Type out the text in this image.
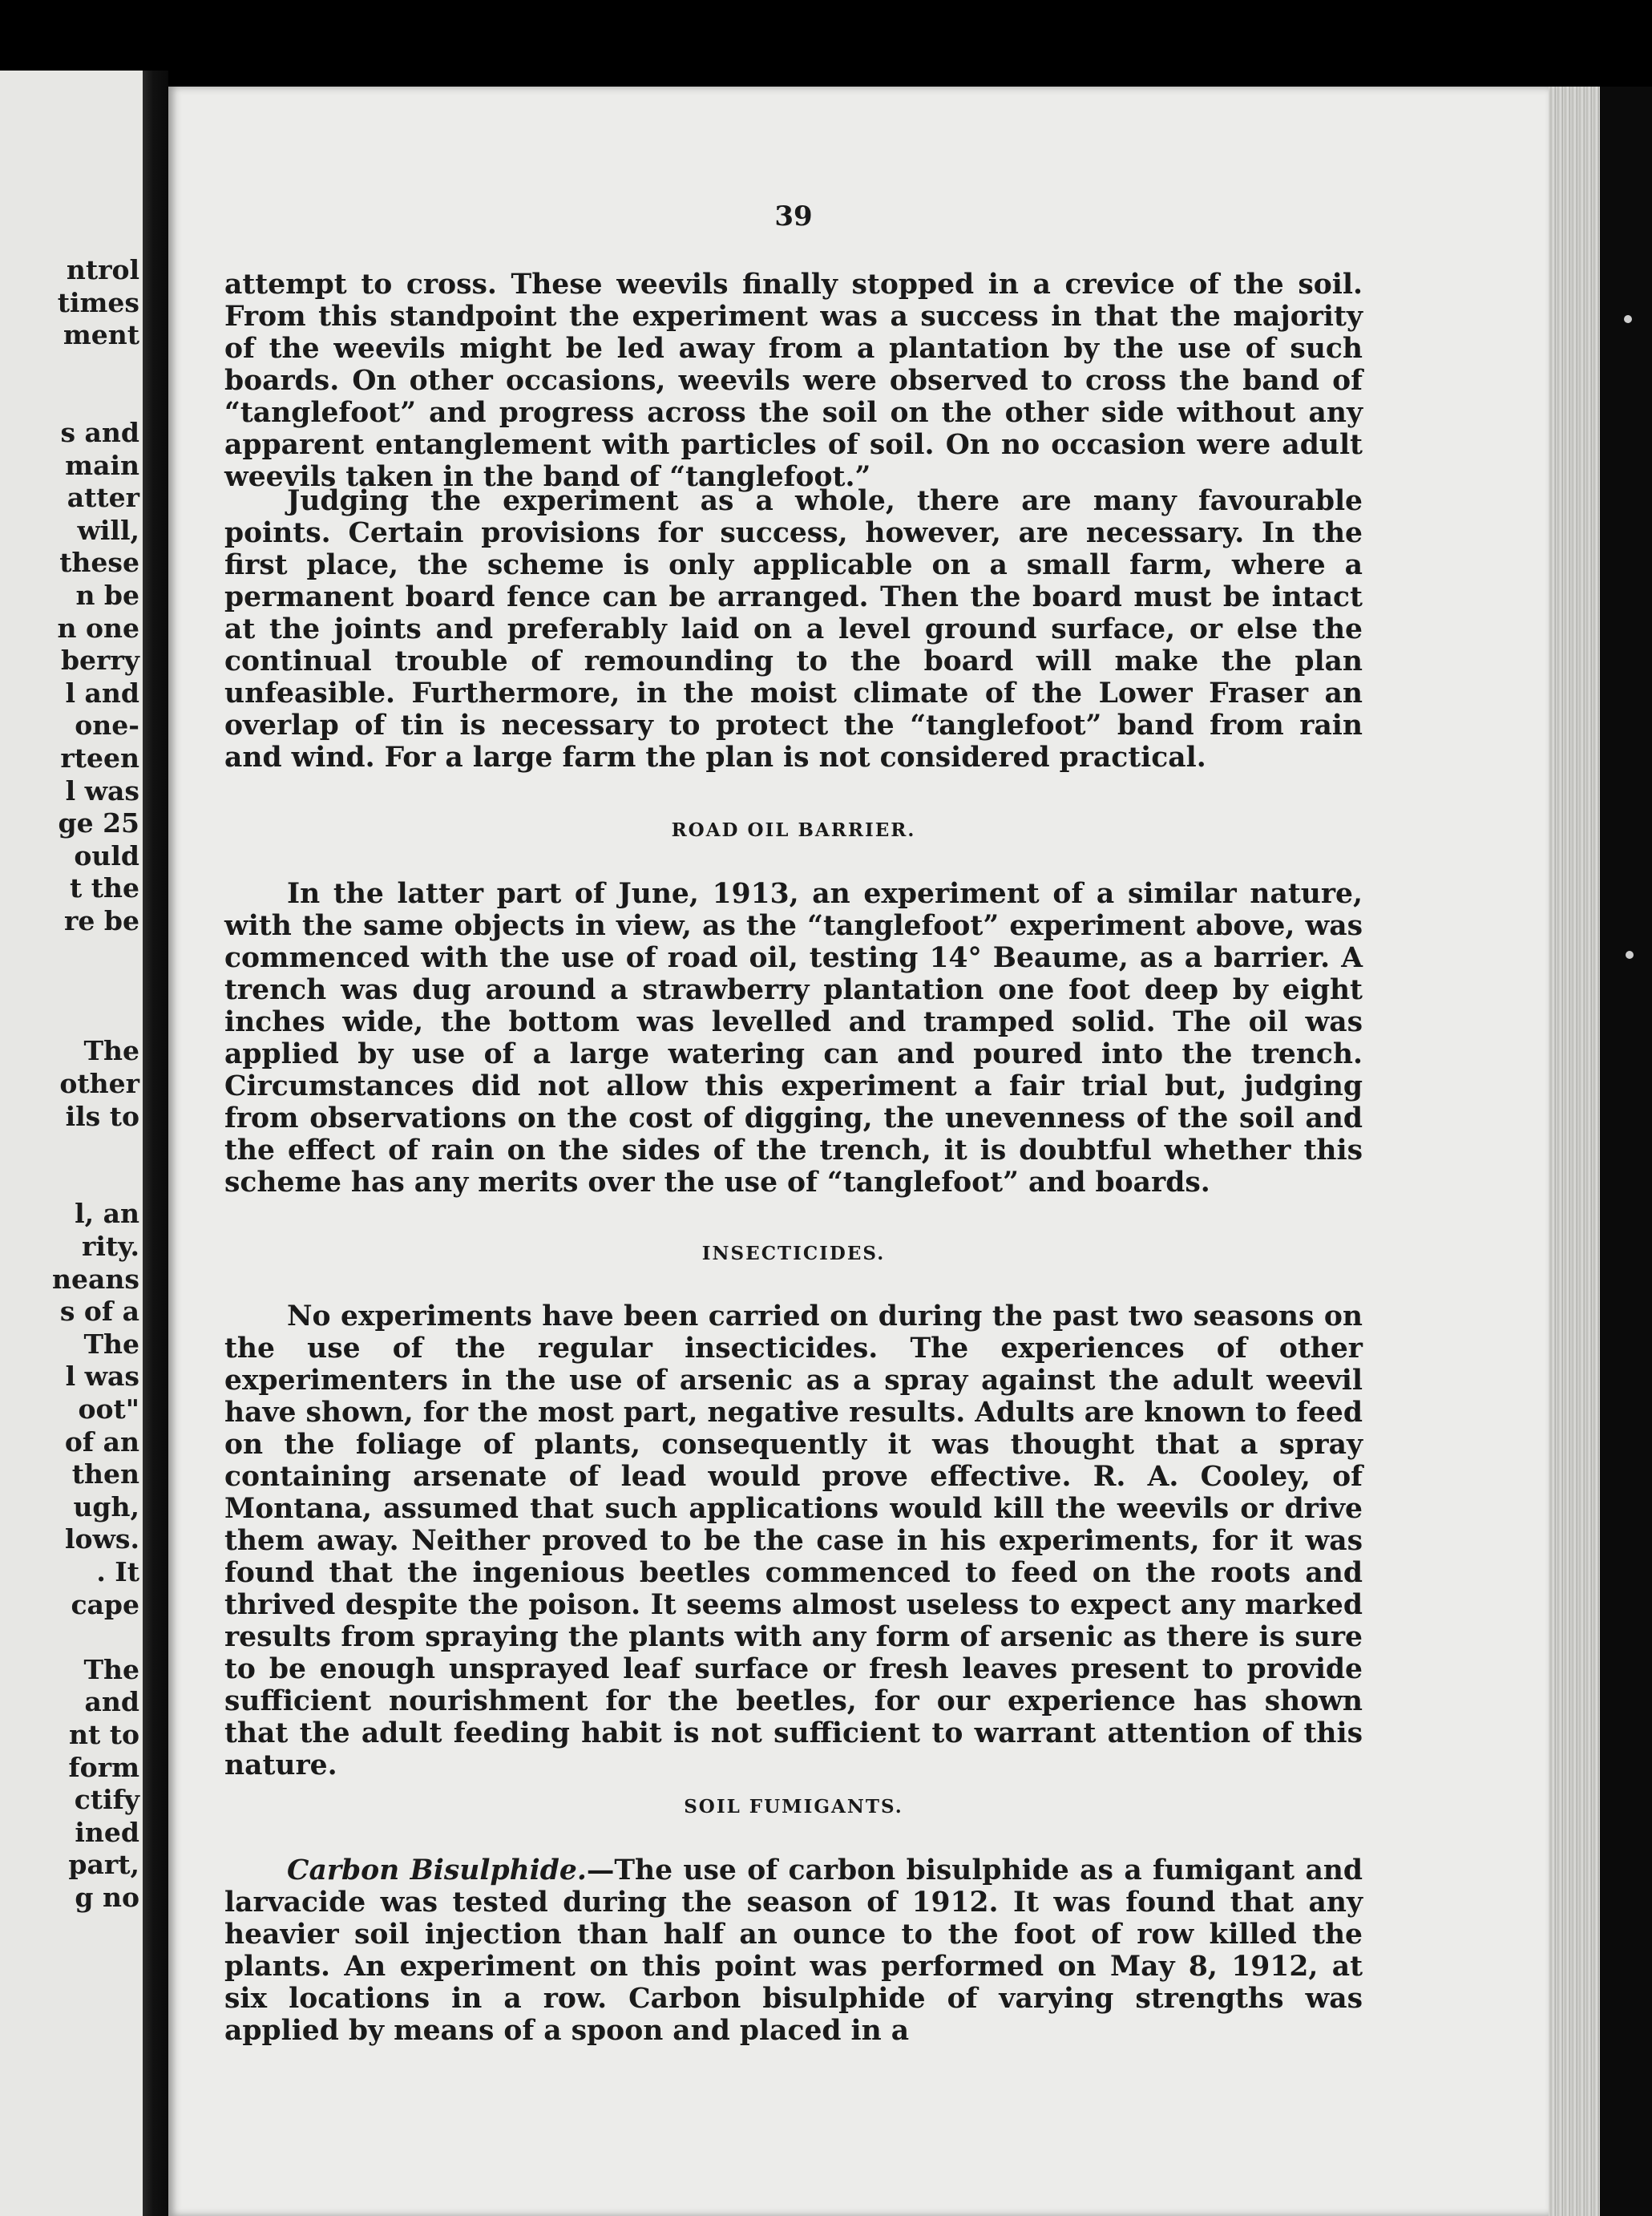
ntrol
times
ment
s and
main
atter
will,
these
n be
n one
berry
l and
one-
rteen
l was
ge 25
ould
t the
re be
The
other
ils to
l, an
rity.
neans
s of a
The
l was
oot"
of an
then
ugh,
lows.
. It
cape
The
and
nt to
form
ctify
ined
part,
g no
39

attempt to cross. These weevils finally stopped in a crevice of the soil. From this standpoint the experiment was a success in that the majority of the weevils might be led away from a plantation by the use of such boards. On other occasions, weevils were observed to cross the band of “tanglefoot” and progress across the soil on the other side without any apparent entanglement with particles of soil. On no occasion were adult weevils taken in the band of “tanglefoot.”

Judging the experiment as a whole, there are many favourable points. Certain provisions for success, however, are necessary. In the first place, the scheme is only applicable on a small farm, where a permanent board fence can be arranged. Then the board must be intact at the joints and preferably laid on a level ground surface, or else the continual trouble of remounding to the board will make the plan unfeasible. Furthermore, in the moist climate of the Lower Fraser an overlap of tin is necessary to protect the “tanglefoot” band from rain and wind. For a large farm the plan is not considered practical.

ROAD OIL BARRIER.

In the latter part of June, 1913, an experiment of a similar nature, with the same objects in view, as the “tanglefoot” experiment above, was commenced with the use of road oil, testing 14° Beaume, as a barrier. A trench was dug around a strawberry plantation one foot deep by eight inches wide, the bottom was levelled and tramped solid. The oil was applied by use of a large watering can and poured into the trench. Circumstances did not allow this experiment a fair trial but, judging from observations on the cost of digging, the unevenness of the soil and the effect of rain on the sides of the trench, it is doubtful whether this scheme has any merits over the use of “tanglefoot” and boards.

INSECTICIDES.

No experiments have been carried on during the past two seasons on the use of the regular insecticides. The experiences of other experimenters in the use of arsenic as a spray against the adult weevil have shown, for the most part, negative results. Adults are known to feed on the foliage of plants, consequently it was thought that a spray containing arsenate of lead would prove effective. R. A. Cooley, of Montana, assumed that such applications would kill the weevils or drive them away. Neither proved to be the case in his experiments, for it was found that the ingenious beetles commenced to feed on the roots and thrived despite the poison. It seems almost useless to expect any marked results from spraying the plants with any form of arsenic as there is sure to be enough unsprayed leaf surface or fresh leaves present to provide sufficient nourishment for the beetles, for our experience has shown that the adult feeding habit is not sufficient to warrant attention of this nature.

SOIL FUMIGANTS.

Carbon Bisulphide.—The use of carbon bisulphide as a fumigant and larvacide was tested during the season of 1912. It was found that any heavier soil injection than half an ounce to the foot of row killed the plants. An experiment on this point was performed on May 8, 1912, at six locations in a row. Carbon bisulphide of varying strengths was applied by means of a spoon and placed in a
